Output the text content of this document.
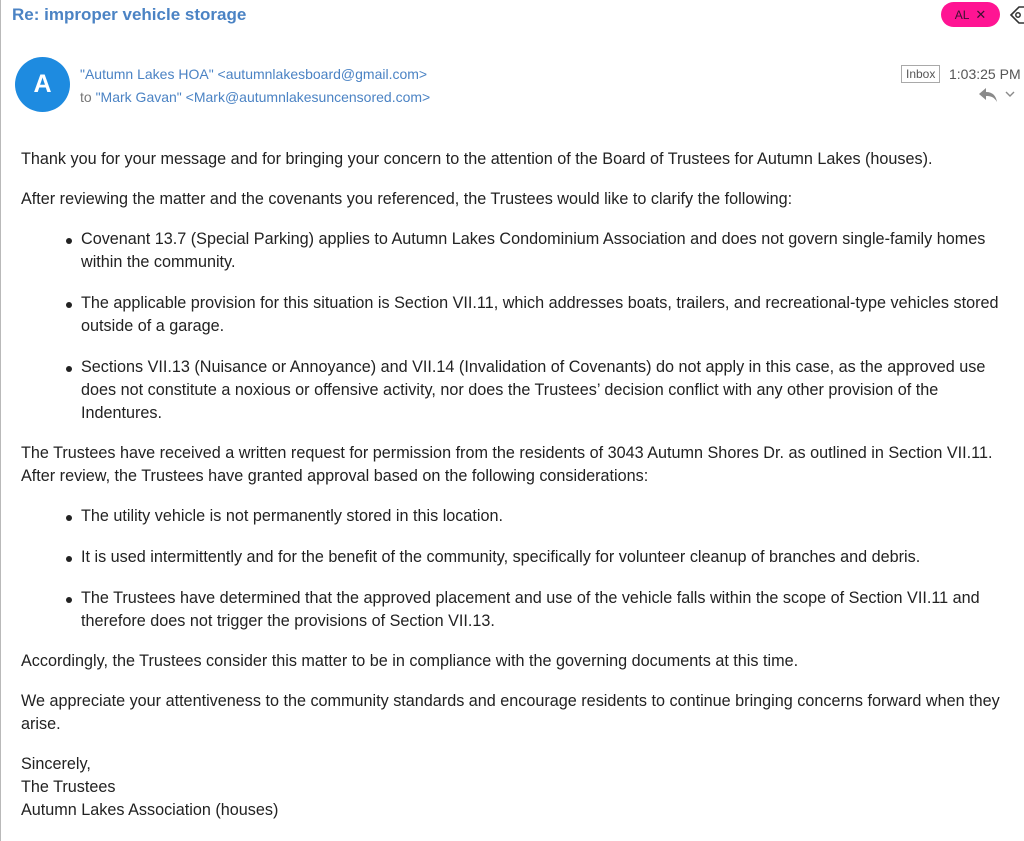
Re: improper vehicle storage	AL ✕
A	"Autumn Lakes HOA" <autumnlakesboard@gmail.com>
to "Mark Gavan" <Mark@autumnlakesuncensored.com>
Inbox 1:03:25 PM

Thank you for your message and for bringing your concern to the attention of the Board of Trustees for Autumn Lakes (houses).

After reviewing the matter and the covenants you referenced, the Trustees would like to clarify the following:

Covenant 13.7 (Special Parking) applies to Autumn Lakes Condominium Association and does not govern single-family homes within the community.
The applicable provision for this situation is Section VII.11, which addresses boats, trailers, and recreational-type vehicles stored outside of a garage.
Sections VII.13 (Nuisance or Annoyance) and VII.14 (Invalidation of Covenants) do not apply in this case, as the approved use does not constitute a noxious or offensive activity, nor does the Trustees’ decision conflict with any other provision of the Indentures.

The Trustees have received a written request for permission from the residents of 3043 Autumn Shores Dr. as outlined in Section VII.11. After review, the Trustees have granted approval based on the following considerations:

The utility vehicle is not permanently stored in this location.
It is used intermittently and for the benefit of the community, specifically for volunteer cleanup of branches and debris.
The Trustees have determined that the approved placement and use of the vehicle falls within the scope of Section VII.11 and therefore does not trigger the provisions of Section VII.13.

Accordingly, the Trustees consider this matter to be in compliance with the governing documents at this time.

We appreciate your attentiveness to the community standards and encourage residents to continue bringing concerns forward when they arise.

Sincerely,
The Trustees
Autumn Lakes Association (houses)
